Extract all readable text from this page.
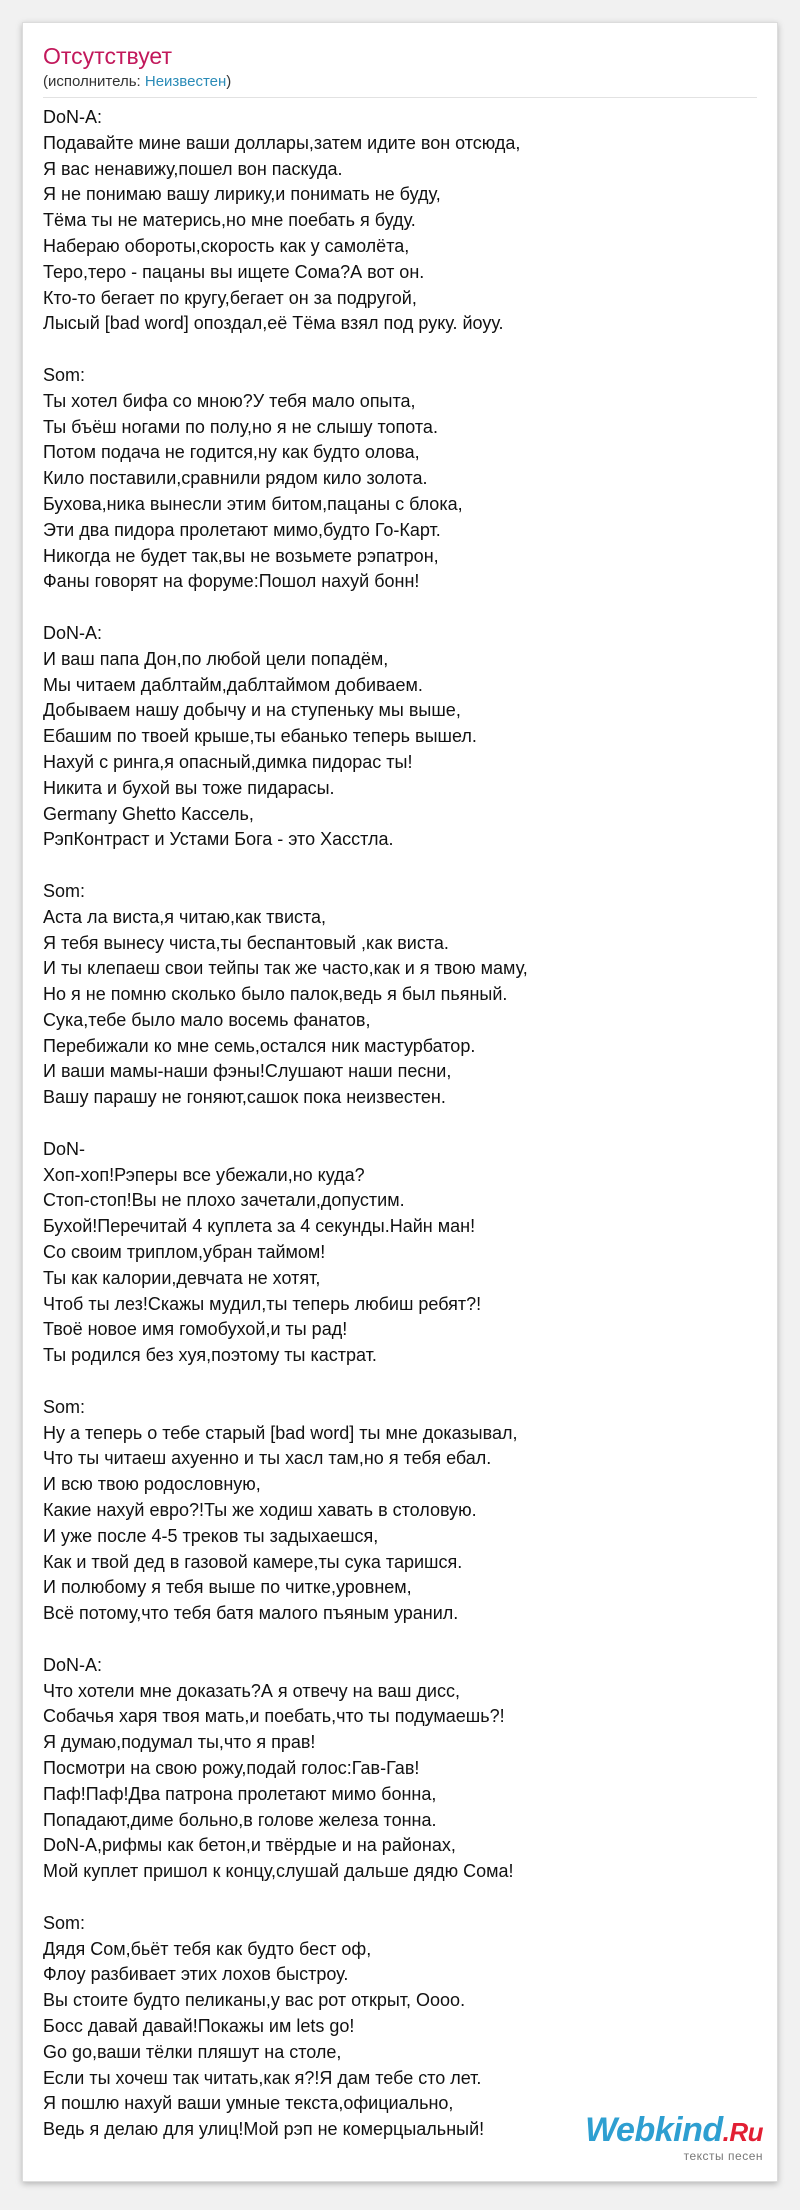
Отсутствует
(исполнитель: Неизвестен)
DoN-A:
Подавайте мине ваши доллары,затем идите вон отсюда,
Я вас ненавижу,пошел вон паскуда.
Я не понимаю вашу лирику,и понимать не буду,
Тёма ты не матерись,но мне поебать я буду.
Набераю обороты,скорость как у самолёта,
Теро,теро - пацаны вы ищете Сома?А вот он.
Кто-то бегает по кругу,бегает он за подругой,
Лысый [bad word] опоздал,её Тёма взял под руку. йоуу.
Som:
Ты хотел бифа со мною?У тебя мало опыта,
Ты бъёш ногами по полу,но я не слышу топота.
Потом подача не годится,ну как будто олова,
Кило поставили,сравнили рядом кило золота.
Бухова,ника вынесли этим битом,пацаны с блока,
Эти два пидора пролетают мимо,будто Го-Карт.
Никогда не будет так,вы не возьмете рэпатрон,
Фаны говорят на форуме:Пошол нахуй бонн!
DoN-A:
И ваш папа Дон,по любой цели попадём,
Мы читаем даблтайм,даблтаймом добиваем.
Добываем нашу добычу и на ступеньку мы выше,
Ебашим по твоей крыше,ты ебанько теперь вышел.
Нахуй с ринга,я опасный,димка пидорас ты!
Никита и бухой вы тоже пидарасы.
Germany Ghetto Кассель,
РэпКонтраст и Устами Бога - это Хасстла.
Som:
Аста ла виста,я читаю,как твиста,
Я тебя вынесу чиста,ты беспантовый ,как виста.
И ты клепаеш свои тейпы так же часто,как и я твою маму,
Но я не помню сколько было палок,ведь я был пьяный.
Сука,тебе было мало восемь фанатов,
Перебижали ко мне семь,остался ник мастурбатор.
И ваши мамы-наши фэны!Слушают наши песни,
Вашу парашу не гоняют,сашок пока неизвестен.
DoN-
Хоп-хоп!Рэперы все убежали,но куда?
Стоп-стоп!Вы не плохо зачетали,допустим.
Бухой!Перечитай 4 куплета за 4 секунды.Найн ман!
Со своим триплом,убран таймом!
Ты как калории,девчата не хотят,
Чтоб ты лез!Скажы мудил,ты теперь любиш ребят?!
Твоё новое имя гомобухой,и ты рад!
Ты родился без хуя,поэтому ты кастрат.
Som:
Ну а теперь о тебе старый [bad word] ты мне доказывал,
Что ты читаеш ахуенно и ты хасл там,но я тебя ебал.
И всю твою родословную,
Какие нахуй евро?!Ты же ходиш хавать в столовую.
И уже после 4-5 треков ты задыхаешся,
Как и твой дед в газовой камере,ты сука таришся.
И полюбому я тебя выше по читке,уровнем,
Всё потому,что тебя батя малого пъяным уранил.
DoN-A:
Что хотели мне доказать?А я отвечу на ваш дисс,
Собачья харя твоя мать,и поебать,что ты подумаешь?!
Я думаю,подумал ты,что я прав!
Посмотри на свою рожу,подай голос:Гав-Гав!
Паф!Паф!Два патрона пролетают мимо бонна,
Попадают,диме больно,в голове железа тонна.
DoN-A,рифмы как бетон,и твёрдые и на районах,
Мой куплет пришол к концу,слушай дальше дядю Сома!
Som:
Дядя Сом,бьёт тебя как будто бест оф,
Флоу разбивает этих лохов быстроу.
Вы стоите будто пеликаны,у вас рот открыт, Оооо.
Босс давай давай!Покажы им lets go!
Go go,ваши тёлки пляшут на столе,
Если ты хочеш так читать,как я?!Я дам тебе сто лет.
Я пошлю нахуй ваши умные текста,официально,
Ведь я делаю для улиц!Мой рэп не комерцыальный!	Webkind.Ru
тексты песен
